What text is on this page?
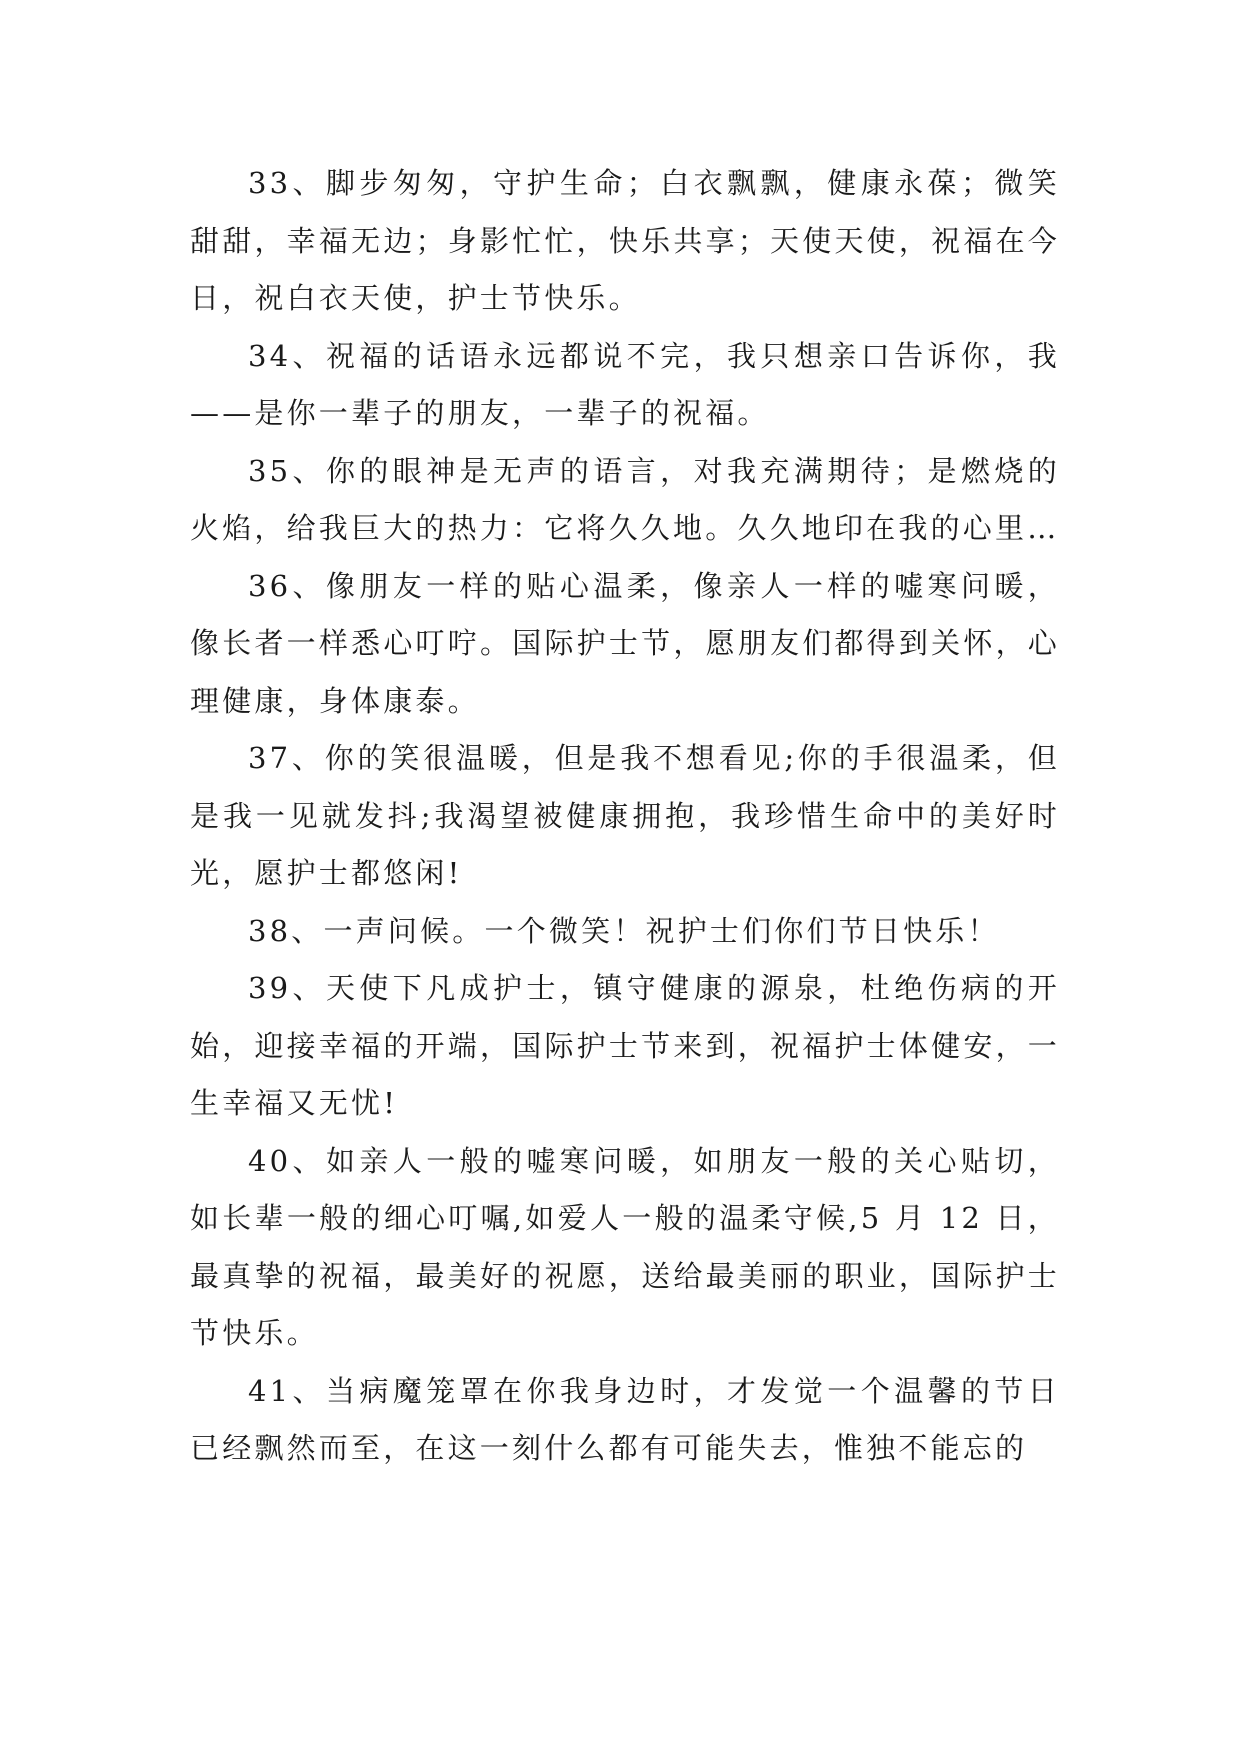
33、脚步匆匆，守护生命；白衣飘飘，健康永葆；微笑甜甜，幸福无边；身影忙忙，快乐共享；天使天使，祝福在今日，祝白衣天使，护士节快乐。

34、祝福的话语永远都说不完，我只想亲口告诉你，我——是你一辈子的朋友，一辈子的祝福。

35、你的眼神是无声的语言，对我充满期待；是燃烧的火焰，给我巨大的热力：它将久久地。久久地印在我的心里…

36、像朋友一样的贴心温柔，像亲人一样的嘘寒问暖，像长者一样悉心叮咛。国际护士节，愿朋友们都得到关怀，心理健康，身体康泰。

37、你的笑很温暖，但是我不想看见;你的手很温柔，但是我一见就发抖;我渴望被健康拥抱，我珍惜生命中的美好时光，愿护士都悠闲!

38、一声问候。一个微笑！祝护士们你们节日快乐！

39、天使下凡成护士，镇守健康的源泉，杜绝伤病的开始，迎接幸福的开端，国际护士节来到，祝福护士体健安，一生幸福又无忧!

40、如亲人一般的嘘寒问暖，如朋友一般的关心贴切，如长辈一般的细心叮嘱,如爱人一般的温柔守候,5 月 12 日，最真挚的祝福，最美好的祝愿，送给最美丽的职业，国际护士节快乐。

41、当病魔笼罩在你我身边时，才发觉一个温馨的节日已经飘然而至，在这一刻什么都有可能失去，惟独不能忘的
